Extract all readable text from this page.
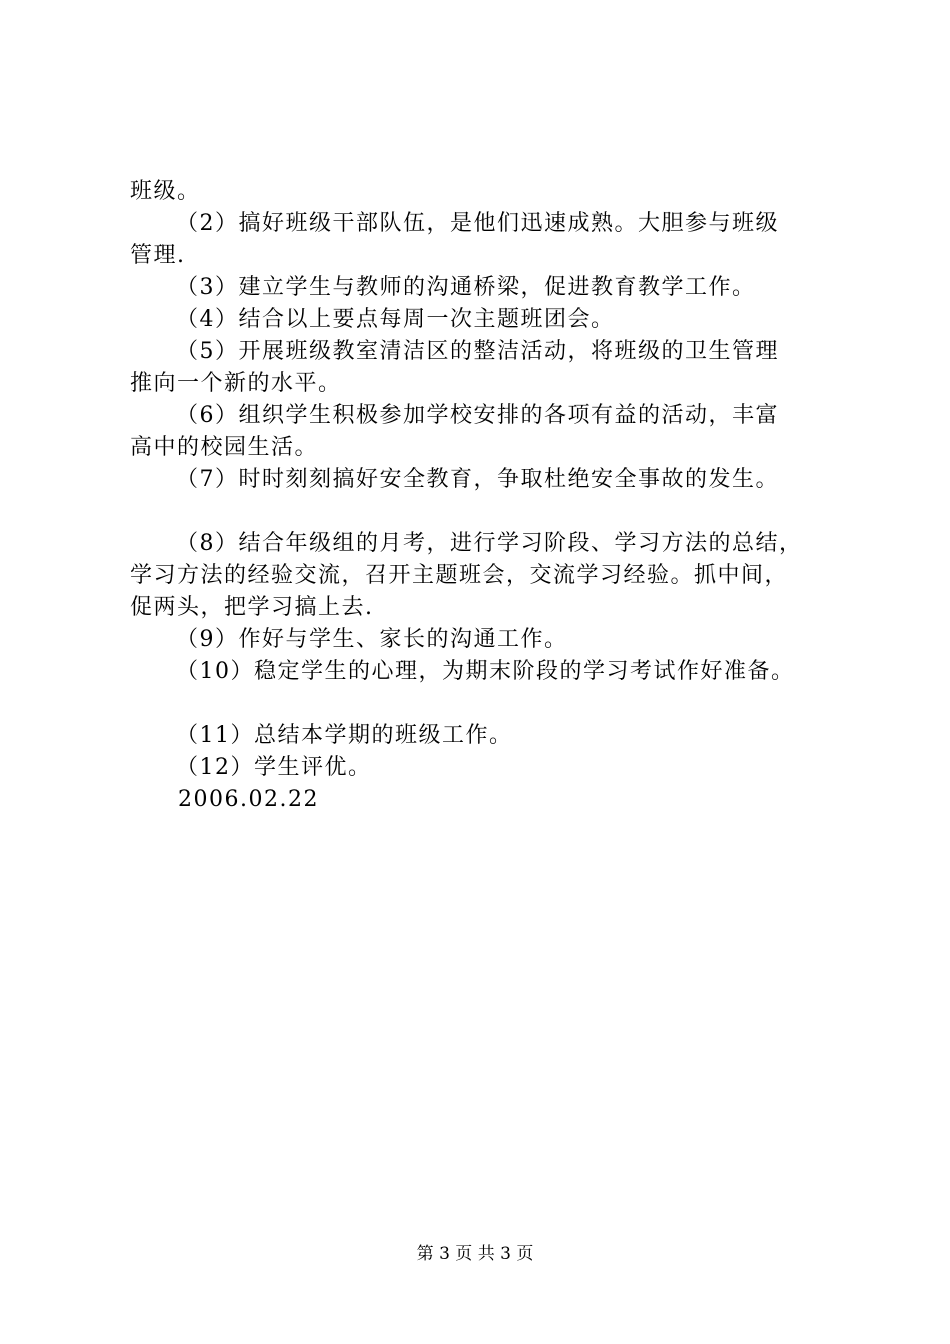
班级。
（2）搞好班级干部队伍，是他们迅速成熟。大胆参与班级
管理.
（3）建立学生与教师的沟通桥梁，促进教育教学工作。
（4）结合以上要点每周一次主题班团会。
（5）开展班级教室清洁区的整洁活动，将班级的卫生管理
推向一个新的水平。
（6）组织学生积极参加学校安排的各项有益的活动，丰富
高中的校园生活。
（7）时时刻刻搞好安全教育，争取杜绝安全事故的发生。
（8）结合年级组的月考，进行学习阶段、学习方法的总结，
学习方法的经验交流，召开主题班会，交流学习经验。抓中间，
促两头，把学习搞上去.
（9）作好与学生、家长的沟通工作。
（10）稳定学生的心理，为期末阶段的学习考试作好准备。
（11）总结本学期的班级工作。
（12）学生评优。
2006.02.22
第 3 页 共 3 页
